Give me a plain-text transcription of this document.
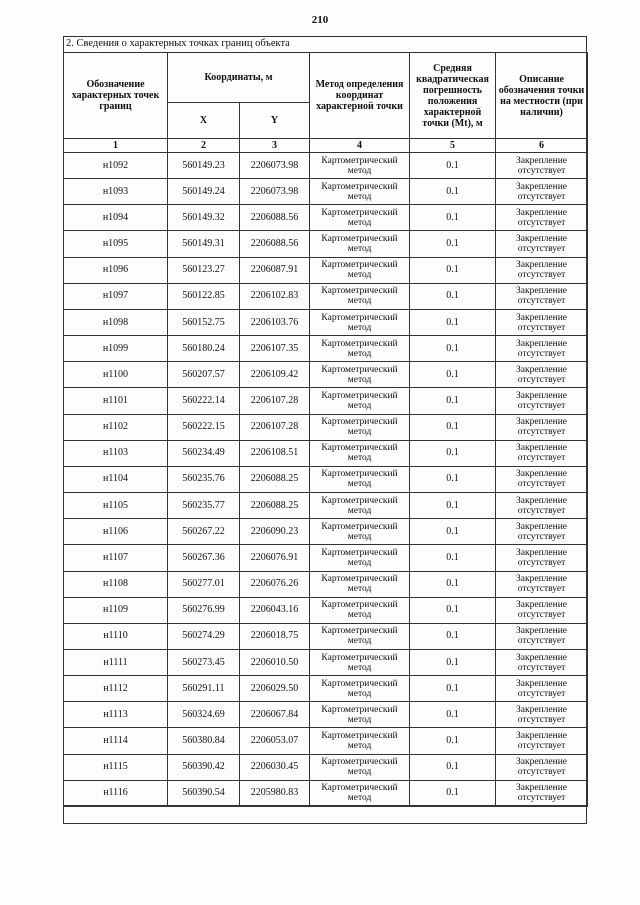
210
2. Сведения о характерных точках границ объекта
Обозначение характерных точек границ	Координаты, м		Метод определения координат характерной точки	Средняя квадратическая погрешность положения характерной точки (Mt), м	Описание обозначения точки на местности (при наличии)
	X	Y			
1	2	3	4	5	6
н1092	560149.23	2206073.98	Картометрический метод	0.1	Закрепление отсутствует
н1093	560149.24	2206073.98	Картометрический метод	0.1	Закрепление отсутствует
н1094	560149.32	2206088.56	Картометрический метод	0.1	Закрепление отсутствует
н1095	560149.31	2206088.56	Картометрический метод	0.1	Закрепление отсутствует
н1096	560123.27	2206087.91	Картометрический метод	0.1	Закрепление отсутствует
н1097	560122.85	2206102.83	Картометрический метод	0.1	Закрепление отсутствует
н1098	560152.75	2206103.76	Картометрический метод	0.1	Закрепление отсутствует
н1099	560180.24	2206107.35	Картометрический метод	0.1	Закрепление отсутствует
н1100	560207.57	2206109.42	Картометрический метод	0.1	Закрепление отсутствует
н1101	560222.14	2206107.28	Картометрический метод	0.1	Закрепление отсутствует
н1102	560222.15	2206107.28	Картометрический метод	0.1	Закрепление отсутствует
н1103	560234.49	2206108.51	Картометрический метод	0.1	Закрепление отсутствует
н1104	560235.76	2206088.25	Картометрический метод	0.1	Закрепление отсутствует
н1105	560235.77	2206088.25	Картометрический метод	0.1	Закрепление отсутствует
н1106	560267.22	2206090.23	Картометрический метод	0.1	Закрепление отсутствует
н1107	560267.36	2206076.91	Картометрический метод	0.1	Закрепление отсутствует
н1108	560277.01	2206076.26	Картометрический метод	0.1	Закрепление отсутствует
н1109	560276.99	2206043.16	Картометрический метод	0.1	Закрепление отсутствует
н1110	560274.29	2206018.75	Картометрический метод	0.1	Закрепление отсутствует
н1111	560273.45	2206010.50	Картометрический метод	0.1	Закрепление отсутствует
н1112	560291.11	2206029.50	Картометрический метод	0.1	Закрепление отсутствует
н1113	560324.69	2206067.84	Картометрический метод	0.1	Закрепление отсутствует
н1114	560380.84	2206053.07	Картометрический метод	0.1	Закрепление отсутствует
н1115	560390.42	2206030.45	Картометрический метод	0.1	Закрепление отсутствует
н1116	560390.54	2205980.83	Картометрический метод	0.1	Закрепление отсутствует
